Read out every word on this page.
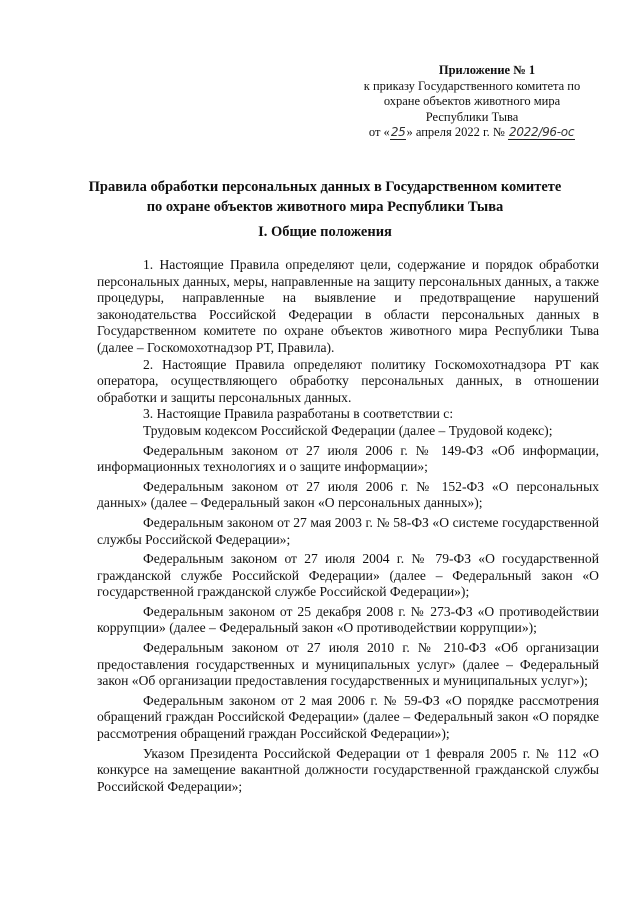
Приложение № 1
к приказу Государственного комитета по
охране объектов животного мира
Республики Тыва
от «25» апреля 2022 г. № 2022/96-ос
Правила обработки персональных данных в Государственном комитете
по охране объектов животного мира Республики Тыва
I. Общие положения

1. Настоящие Правила определяют цели, содержание и порядок обработки персональных данных, меры, направленные на защиту персональных данных, а также процедуры, направленные на выявление и предотвращение нарушений законодательства Российской Федерации в области персональных данных в Государственном комитете по охране объектов животного мира Республики Тыва (далее – Госкомохотнадзор РТ, Правила).

2. Настоящие Правила определяют политику Госкомохотнадзора РТ как оператора, осуществляющего обработку персональных данных, в отношении обработки и защиты персональных данных.

3. Настоящие Правила разработаны в соответствии с:

Трудовым кодексом Российской Федерации (далее – Трудовой кодекс);

Федеральным законом от 27 июля 2006 г. № 149-ФЗ «Об информации, информационных технологиях и о защите информации»;

Федеральным законом от 27 июля 2006 г. № 152-ФЗ «О персональных данных» (далее – Федеральный закон «О персональных данных»);

Федеральным законом от 27 мая 2003 г. № 58-ФЗ «О системе государственной службы Российской Федерации»;

Федеральным законом от 27 июля 2004 г. № 79-ФЗ «О государственной гражданской службе Российской Федерации» (далее – Федеральный закон «О государственной гражданской службе Российской Федерации»);

Федеральным законом от 25 декабря 2008 г. № 273-ФЗ «О противодействии коррупции» (далее – Федеральный закон «О противодействии коррупции»);

Федеральным законом от 27 июля 2010 г. № 210-ФЗ «Об организации предоставления государственных и муниципальных услуг» (далее – Федеральный закон «Об организации предоставления государственных и муниципальных услуг»);

Федеральным законом от 2 мая 2006 г. № 59-ФЗ «О порядке рассмотрения обращений граждан Российской Федерации» (далее – Федеральный закон «О порядке рассмотрения обращений граждан Российской Федерации»);

Указом Президента Российской Федерации от 1 февраля 2005 г. № 112 «О конкурсе на замещение вакантной должности государственной гражданской службы Российской Федерации»;
